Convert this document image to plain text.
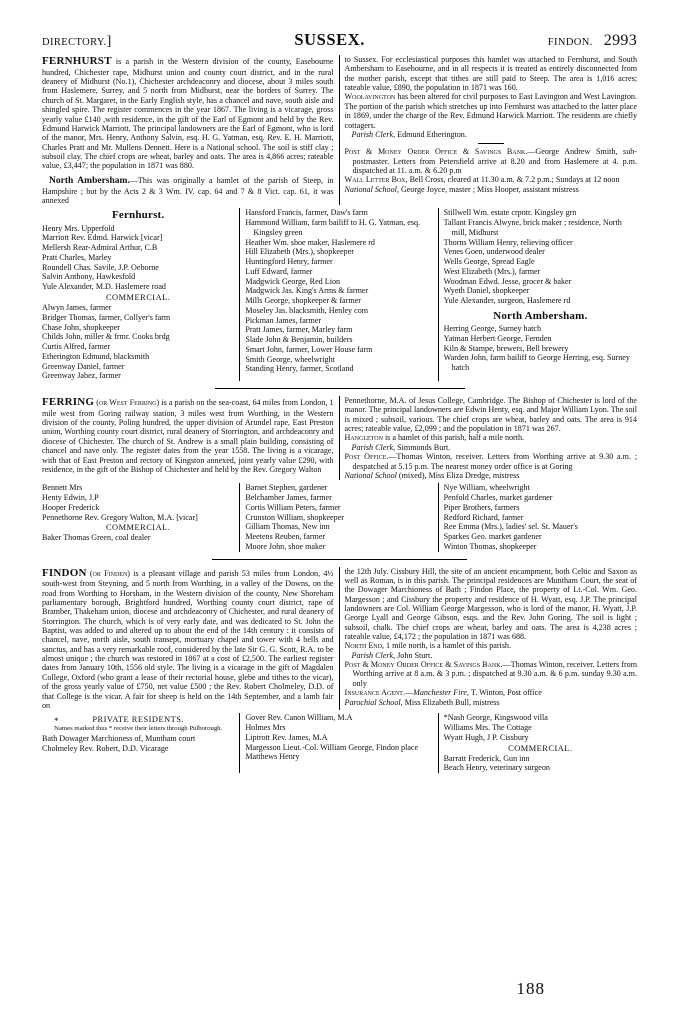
DIRECTORY.]	SUSSEX.	FINDON. 2993

FERNHURST is a parish in the Western division of the county, Easebourne hundred, Chichester rape, Midhurst union and county court district, and in the rural deanery of Midhurst (No.1), Chichester archdeaconry and diocese, about 3 miles south from Haslemere, Surrey, and 5 north from Midhurst, near the borders of Surrey. The church of St. Margaret, in the Early English style, has a chancel and nave, south aisle and shingled spire. The register commences in the year 1867. The living is a vicarage, gross yearly value £140 ,with residence, in the gift of the Earl of Egmont and held by the Rev. Edmund Harwick Marriott. The principal landowners are the Earl of Egmont, who is lord of the manor, Mrs. Henry, Anthony Salvin, esq. H. G. Yatman, esq. Rev. E. H. Marriott, Charles Pratt and Mr. Mullens Dennett. Here is a National school. The soil is stiff clay ; subsoil clay. The chief crops are wheat, barley and oats. The area is 4,866 acres; rateable value, £3,447; the population in 1871 was 880.

North Ambersham.—This was originally a hamlet of the parish of Steep, in Hampshire ; but by the Acts 2 & 3 Wm. IV. cap. 64 and 7 & 8 Vict. cap. 61, it was annexed

to Sussex. For ecclesiastical purposes this hamlet was attached to Fernhurst, and South Ambersham to Easebourne, and in all respects it is treated as entirely disconnected from the mother parish, except that tithes are still paid to Steep. The area is 1,016 acres; rateable value, £890, the population in 1871 was 160.

Woolavington has been altered for civil purposes to East Lavington and West Lavington. The portion of the parish which stretches up into Fernhurst was attached to the latter place in 1869, under the charge of the Rev. Edmund Harwick Marriott. The residents are chiefly cottagers.

Parish Clerk, Edmund Etherington.

Post & Money Order Office & Savings Bank.—George Andrew Smith, sub-postmaster. Letters from Petersfield arrive at 8.20 and from Haslemere at 4. p.m. dispatched at 11. a.m. & 6.20 p.m

Wall Letter Box, Bell Cross, cleared at 11.30 a.m. & 7.2 p.m.; Sundays at 12 noon

National School, George Joyce, master ; Miss Hooper, assistant mistress

Fernhurst.

Henry Mrs. Upperfold

Marriott Rev. Edmd. Harwick [vicar]

Mellersh Rear-Admiral Arthur, C.B

Pratt Charles, Marley

Roundell Chas. Savile, J.P. Oeborne

Salvin Anthony, Hawkesfold

Yule Alexander, M.D. Haslemere road

COMMERCIAL.

Alwyn James, farmer

Bridger Thomas, farmer, Collyer's farm

Chase John, shopkeeper

Childs John, miller & frmr. Cooks brdg

Curtis Alfred, farmer

Etherington Edmund, blacksmith

Greenway Daniel, farmer

Greenway Jabez, farmer

Hansford Francis, farmer, Daw's farm

Hammond William, farm bailiff to H. G. Yatman, esq. Kingsley green

Heather Wm. shoe maker, Haslemere rd

Hill Elizabeth (Mrs.), shopkeeper

Huntingford Henry, farmer

Luff Edward, farmer

Madgwick George, Red Lion

Madgwick Jas. King's Arms & farmer

Mills George, shopkeeper & farmer

Moseley Jas. blacksmith, Henley com

Pickman James, farmer

Pratt James, farmer, Marley farm

Slade John & Benjamin, builders

Smart John, farmer, Lower House farm

Smith George, wheelwright

Standing Henry, farmer, Scotland

Stillwell Wm. estate crpntr. Kingsley grn

Tallant Francis Alwyne, brick maker ; residence, North mill, Midhurst

Thorns William Henry, relieving officer

Venes Goen, underwood dealer

Wells George, Spread Eagle

West Elizabeth (Mrs.), farmer

Woodman Edwd. Jesse, grocer & baker

Wyeth Daniel, shopkeeper

Yule Alexander, surgeon, Haslemere rd

North Ambersham.

Herring George, Surney hatch

Yatman Herbert George, Fernden

Kiln & Stampe, brewers, Bell brewery

Warden John, farm bailiff to George Herring, esq. Surney hatch

FERRING (or West Ferring) is a parish on the sea-coast, 64 miles from London, 1 mile west from Goring railway station, 3 miles west from Worthing, in the Western division of the county, Poling hundred, the upper division of Arundel rape, East Preston union, Worthing county court district, rural deanery of Storrington, and archdeaconry and diocese of Chichester. The church of St. Andrew is a small plain building, consisting of chancel and nave only. The register dates from the year 1558. The living is a vicarage, with that of East Preston and rectory of Kingston annexed, joint yearly value £290, with residence, in the gift of the Bishop of Chichester and held by the Rev. Gregory Walton

Pennethorne, M.A. of Jesus College, Cambridge. The Bishop of Chichester is lord of the manor. The principal landowners are Edwin Henty, esq. and Major William Lyon. The soil is mixed ; subsoil, various. The chief crops are wheat, barley and oats. The area is 914 acres; rateable value, £2,099 ; and the population in 1871 was 267.

Hangleton is a hamlet of this parish, half a mile north.

Parish Clerk, Simmonds Burt.

Post Office.—Thomas Winton, receiver. Letters from Worthing arrive at 9.30 a.m. ; despatched at 5.15 p.m. The nearest money order office is at Goring

National School (mixed), Miss Eliza Dredge, mistress

Bennett Mrs

Henty Edwin, J.P

Hooper Frederick

Pennethorne Rev. Gregory Walton, M.A. [vicar]

COMMERCIAL.

Baker Thomas Green, coal dealer

Barnet Stephen, gardener

Belchamber James, farmer

Cortis William Peters, farmer

Crunston William, shopkeeper

Gilliam Thomas, New inn

Meetens Reuben, farmer

Moore John, shoe maker

Nye William, wheelwright

Penfold Charles, market gardener

Piper Brothers, farmers

Redford Richard, farmer

Ree Emma (Mrs.), ladies' sel. St. Mauer's

Sparkes Geo. market gardener

Winton Thomas, shopkeeper

FINDON (or Finden) is a pleasant village and parish 53 miles from London, 4½ south-west from Steyning, and 5 north from Worthing, in a valley of the Downs, on the road from Worthing to Horsham, in the Western division of the county, New Shoreham parliamentary borough, Brightford hundred, Worthing county court district, rape of Bramber, Thakeham union, diocese and archdeaconry of Chichester, and rural deanery of Storrington. The church, which is of very early date, and was dedicated to St. John the Baptist, was added to and altered up to about the end of the 14th century : it consists of chancel, nave, north aisle, south transept, mortuary chapel and tower with 4 bells and sanctus, and has a very remarkable roof, considered by the late Sir G. G. Scott, R.A. to be almost unique ; the church was restored in 1867 at a cost of £2,500. The earliest register dates from January 10th, 1556 old style. The living is a vicarage in the gift of Magdalen College, Oxford (who grant a lease of their rectorial house, glebe and tithes to the vicar), of the gross yearly value of £750, net value £500 ; the Rev. Robert Cholmeley, D.D. of that College is the vicar. A fair for sheep is held on the 14th September, and a lamb fair on

the 12th July. Cissbury Hill, the site of an ancient encampment, both Celtic and Saxon as well as Roman, is in this parish. The principal residences are Muntham Court, the seat of the Dowager Marchioness of Bath ; Findon Place, the property of Lt.-Col. Wm. Geo. Margesson ; and Cissbury the property and residence of H. Wyatt, esq. J.P. The principal landowners are Col. William George Margesson, who is lord of the manor, H. Wyatt, J.P. George Lyall and George Gibson, esqs. and the Rev. John Goring. The soil is light ; subsoil, chalk. The chief crops are wheat, barley and oats. The area is 4,238 acres ; rateable value, £4,172 ; the population in 1871 was 688.

North End, 1 mile north, is a hamlet of this parish.

Parish Clerk, John Sturt.

Post & Money Order Office & Savings Bank.—Thomas Winton, receiver. Letters from Worthing arrive at 8 a.m. & 3 p.m. ; dispatched at 9.30 a.m. & 6 p.m. sunday 9.30 a.m. only

Insurance Agent.—Manchester Fire, T. Winton, Post office

Parochial School, Miss Elizabeth Bull, mistress

*	PRIVATE RESIDENTS.
Names marked thus * receive their letters through Pulborough.

Bath Dowager Marchioness of, Muntham court

Cholmeley Rev. Robert, D.D. Vicarage

Gover Rev. Canon William, M.A

Holmes Mrs

Liptrott Rev. James, M.A

Margesson Lieut.-Col. William George, Findon place

Matthews Henry

*Nash George, Kingswood villa

Williams Mrs. The Cottage

Wyatt Hugh, J P. Cissbury

COMMERCIAL.

Barratt Frederick, Gun inn

Beach Henry, veterinary surgeon

188
